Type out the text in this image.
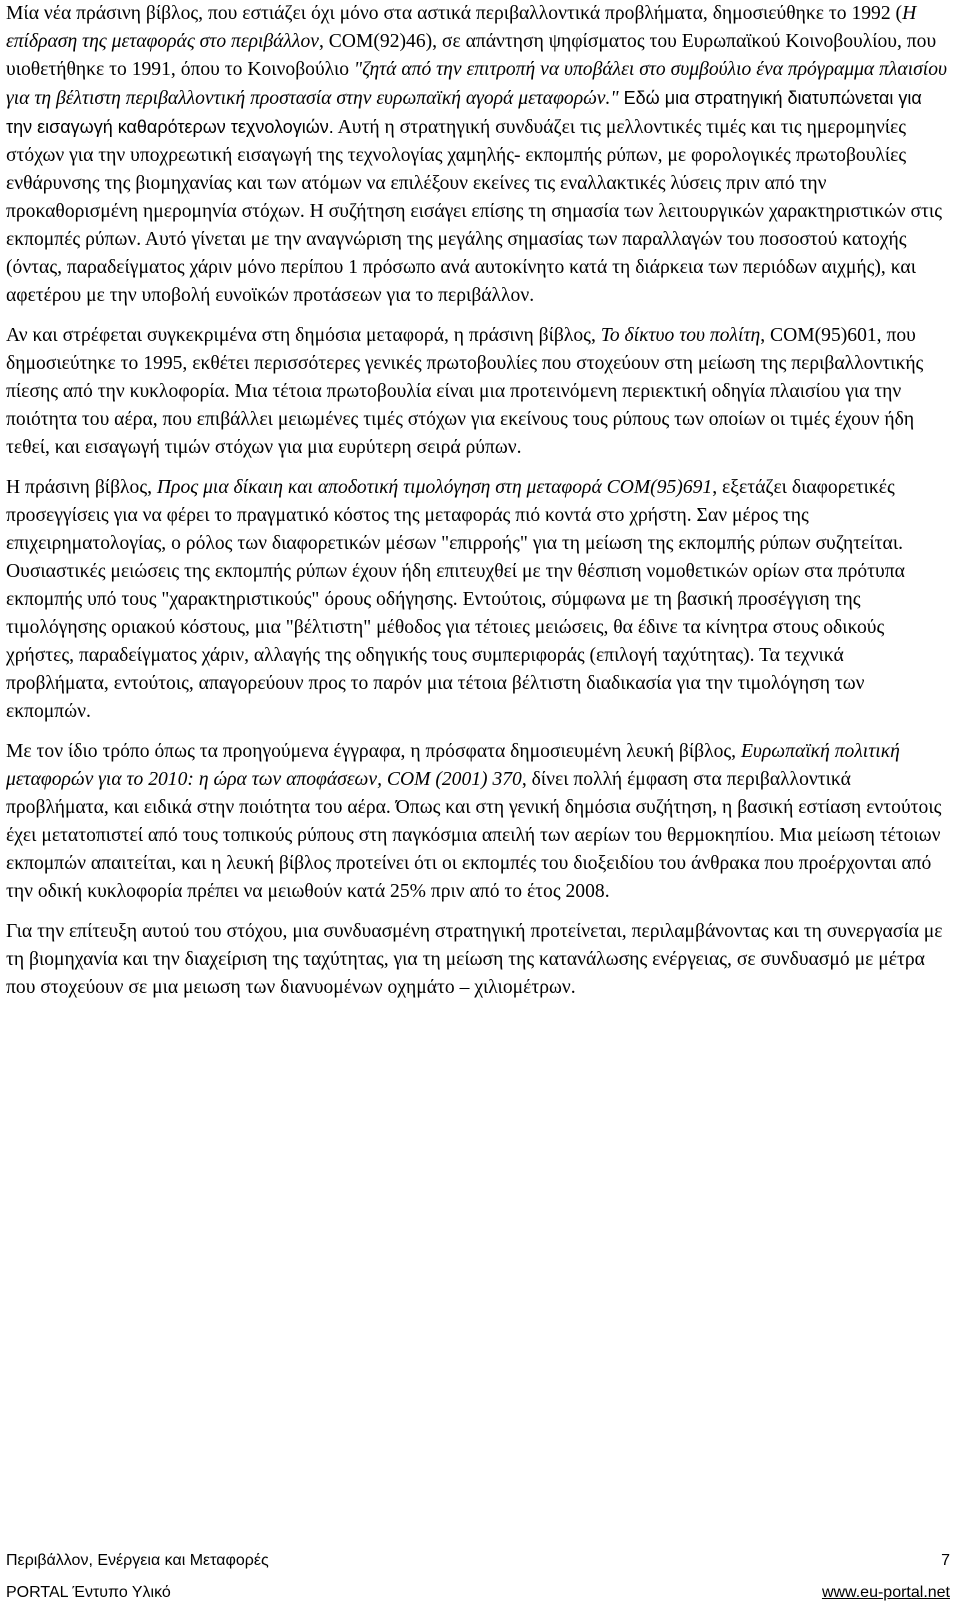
Μία νέα πράσινη βίβλος, που εστιάζει όχι μόνο στα αστικά περιβαλλοντικά προβλήματα, δημοσιεύθηκε το 1992 (Η επίδραση της μεταφοράς στο περιβάλλον, COM(92)46), σε απάντηση ψηφίσματος του Ευρωπαϊκού Κοινοβουλίου, που υιοθετήθηκε το 1991, όπου το Κοινοβούλιο "ζητά από την επιτροπή να υποβάλει στο συμβούλιο ένα πρόγραμμα πλαισίου για τη βέλτιστη περιβαλλοντική προστασία στην ευρωπαϊκή αγορά μεταφορών." Εδώ μια στρατηγική διατυπώνεται για την εισαγωγή καθαρότερων τεχνολογιών. Αυτή η στρατηγική συνδυάζει τις μελλοντικές τιμές και τις ημερομηνίες στόχων για την υποχρεωτική εισαγωγή της τεχνολογίας χαμηλής- εκπομπής ρύπων, με φορολογικές πρωτοβουλίες ενθάρυνσης της βιομηχανίας και των ατόμων να επιλέξουν εκείνες τις εναλλακτικές λύσεις πριν από την προκαθορισμένη ημερομηνία στόχων. Η συζήτηση εισάγει επίσης τη σημασία των λειτουργικών χαρακτηριστικών στις εκπομπές ρύπων. Αυτό γίνεται με την αναγνώριση της μεγάλης σημασίας των παραλλαγών του ποσοστού κατοχής (όντας, παραδείγματος χάριν μόνο περίπου 1 πρόσωπο ανά αυτοκίνητο κατά τη διάρκεια των περιόδων αιχμής), και αφετέρου με την υποβολή ευνοϊκών προτάσεων για το περιβάλλον.

Αν και στρέφεται συγκεκριμένα στη δημόσια μεταφορά, η πράσινη βίβλος, Το δίκτυο του πολίτη, COM(95)601, που δημοσιεύτηκε το 1995, εκθέτει περισσότερες γενικές πρωτοβουλίες που στοχεύουν στη μείωση της περιβαλλοντικής πίεσης από την κυκλοφορία. Μια τέτοια πρωτοβουλία είναι μια προτεινόμενη περιεκτική οδηγία πλαισίου για την ποιότητα του αέρα, που επιβάλλει μειωμένες τιμές στόχων για εκείνους τους ρύπους των οποίων οι τιμές έχουν ήδη τεθεί, και εισαγωγή τιμών στόχων για μια ευρύτερη σειρά ρύπων.

Η πράσινη βίβλος, Προς μια δίκαιη και αποδοτική τιμολόγηση στη μεταφορά COM(95)691, εξετάζει διαφορετικές προσεγγίσεις για να φέρει το πραγματικό κόστος της μεταφοράς πιό κοντά στο χρήστη. Σαν μέρος της επιχειρηματολογίας, ο ρόλος των διαφορετικών μέσων "επιρροής" για τη μείωση της εκπομπής ρύπων συζητείται. Ουσιαστικές μειώσεις της εκπομπής ρύπων έχουν ήδη επιτευχθεί με την θέσπιση νομοθετικών ορίων στα πρότυπα εκπομπής υπό τους "χαρακτηριστικούς" όρους οδήγησης. Εντούτοις, σύμφωνα με τη βασική προσέγγιση της τιμολόγησης οριακού κόστους, μια "βέλτιστη" μέθοδος για τέτοιες μειώσεις, θα έδινε τα κίνητρα στους οδικούς χρήστες, παραδείγματος χάριν, αλλαγής της οδηγικής τους συμπεριφοράς (επιλογή ταχύτητας). Τα τεχνικά προβλήματα, εντούτοις, απαγορεύουν προς το παρόν μια τέτοια βέλτιστη διαδικασία για την τιμολόγηση των εκπομπών.

Με τον ίδιο τρόπο όπως τα προηγούμενα έγγραφα, η πρόσφατα δημοσιευμένη λευκή βίβλος, Ευρωπαϊκή πολιτική μεταφορών για το 2010: η ώρα των αποφάσεων, COM (2001) 370, δίνει πολλή έμφαση στα περιβαλλοντικά προβλήματα, και ειδικά στην ποιότητα του αέρα. Όπως και στη γενική δημόσια συζήτηση, η βασική εστίαση εντούτοις έχει μετατοπιστεί από τους τοπικούς ρύπους στη παγκόσμια απειλή των αερίων του θερμοκηπίου. Μια μείωση τέτοιων εκπομπών απαιτείται, και η λευκή βίβλος προτείνει ότι οι εκπομπές του διοξειδίου του άνθρακα που προέρχονται από την οδική κυκλοφορία πρέπει να μειωθούν κατά 25% πριν από το έτος 2008.

Για την επίτευξη αυτού του στόχου, μια συνδυασμένη στρατηγική προτείνεται, περιλαμβάνοντας και τη συνεργασία με τη βιομηχανία και την διαχείριση της ταχύτητας, για τη μείωση της κατανάλωσης ενέργειας, σε συνδυασμό με μέτρα που στοχεύουν σε μια μειωση των διανυομένων οχημάτο – χιλιομέτρων.

Περιβάλλον, Ενέργεια και Μεταφορές	7
PORTAL Έντυπο Υλικό	www.eu-portal.net
